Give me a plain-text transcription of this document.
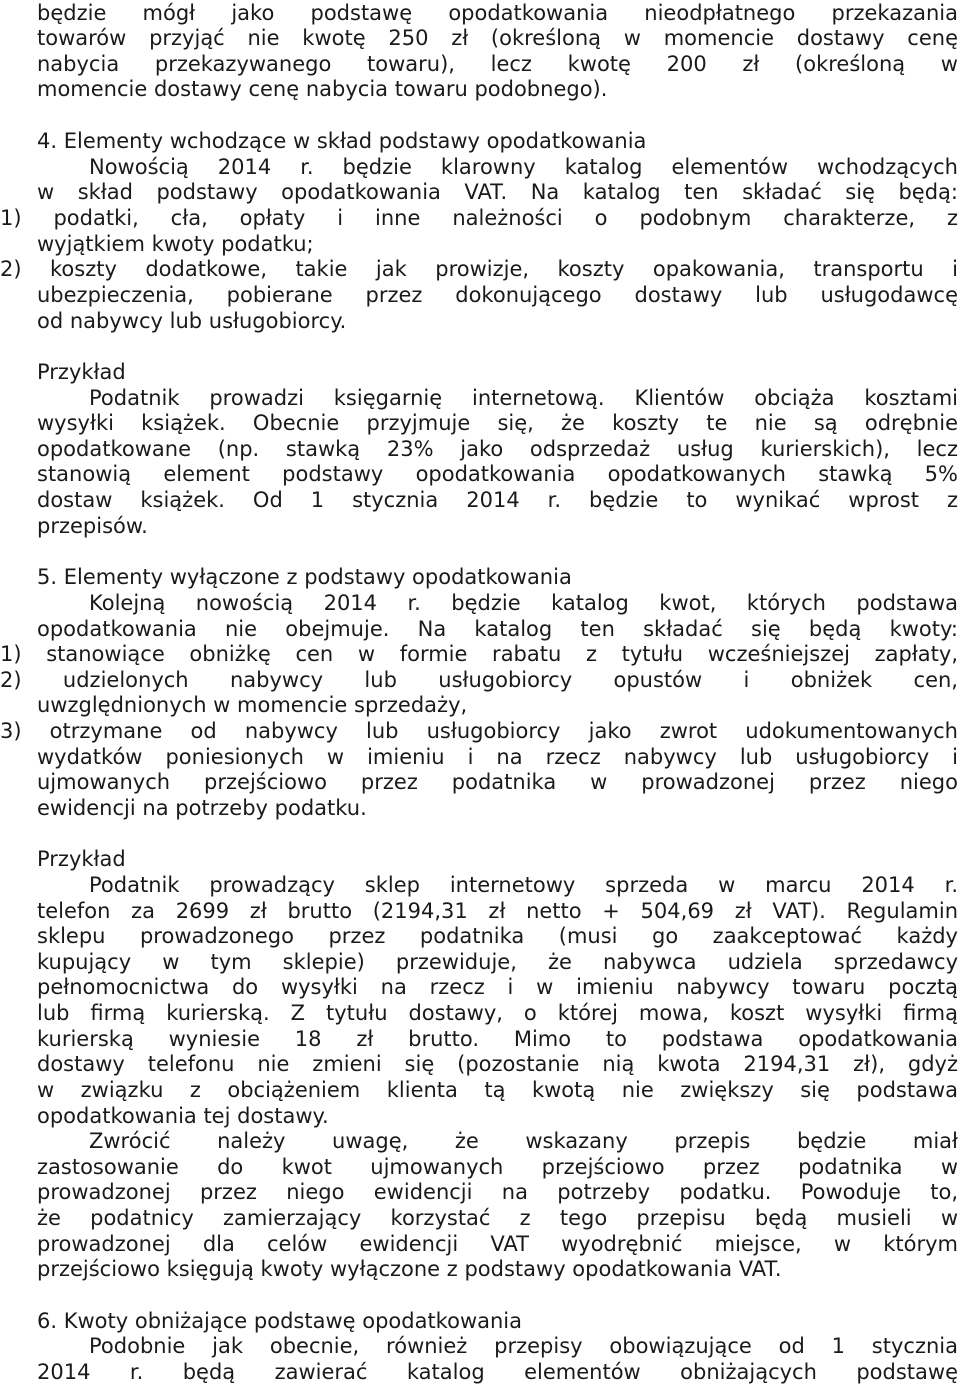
będzie mógł jako podstawę opodatkowania nieodpłatnego przekazania
towarów przyjąć nie kwotę 250 zł (określoną w momencie dostawy cenę
nabycia przekazywanego towaru), lecz kwotę 200 zł (określoną w
momencie dostawy cenę nabycia towaru podobnego).
4. Elementy wchodzące w skład podstawy opodatkowania
Nowością 2014 r. będzie klarowny katalog elementów wchodzących
w skład podstawy opodatkowania VAT. Na katalog ten składać się będą:
1) podatki, cła, opłaty i inne należności o podobnym charakterze, z
wyjątkiem kwoty podatku;
2) koszty dodatkowe, takie jak prowizje, koszty opakowania, transportu i
ubezpieczenia, pobierane przez dokonującego dostawy lub usługodawcę
od nabywcy lub usługobiorcy.
Przykład
Podatnik prowadzi księgarnię internetową. Klientów obciąża kosztami
wysyłki książek. Obecnie przyjmuje się, że koszty te nie są odrębnie
opodatkowane (np. stawką 23% jako odsprzedaż usług kurierskich), lecz
stanowią element podstawy opodatkowania opodatkowanych stawką 5%
dostaw książek. Od 1 stycznia 2014 r. będzie to wynikać wprost z
przepisów.
5. Elementy wyłączone z podstawy opodatkowania
Kolejną nowością 2014 r. będzie katalog kwot, których podstawa
opodatkowania nie obejmuje. Na katalog ten składać się będą kwoty:
1) stanowiące obniżkę cen w formie rabatu z tytułu wcześniejszej zapłaty,
2) udzielonych nabywcy lub usługobiorcy opustów i obniżek cen,
uwzględnionych w momencie sprzedaży,
3) otrzymane od nabywcy lub usługobiorcy jako zwrot udokumentowanych
wydatków poniesionych w imieniu i na rzecz nabywcy lub usługobiorcy i
ujmowanych przejściowo przez podatnika w prowadzonej przez niego
ewidencji na potrzeby podatku.
Przykład
Podatnik prowadzący sklep internetowy sprzeda w marcu 2014 r.
telefon za 2699 zł brutto (2194,31 zł netto + 504,69 zł VAT). Regulamin
sklepu prowadzonego przez podatnika (musi go zaakceptować każdy
kupujący w tym sklepie) przewiduje, że nabywca udziela sprzedawcy
pełnomocnictwa do wysyłki na rzecz i w imieniu nabywcy towaru pocztą
lub firmą kurierską. Z tytułu dostawy, o której mowa, koszt wysyłki firmą
kurierską wyniesie 18 zł brutto. Mimo to podstawa opodatkowania
dostawy telefonu nie zmieni się (pozostanie nią kwota 2194,31 zł), gdyż
w związku z obciążeniem klienta tą kwotą nie zwiększy się podstawa
opodatkowania tej dostawy.
Zwrócić należy uwagę, że wskazany przepis będzie miał
zastosowanie do kwot ujmowanych przejściowo przez podatnika w
prowadzonej przez niego ewidencji na potrzeby podatku. Powoduje to,
że podatnicy zamierzający korzystać z tego przepisu będą musieli w
prowadzonej dla celów ewidencji VAT wyodrębnić miejsce, w którym
przejściowo księgują kwoty wyłączone z podstawy opodatkowania VAT.
6. Kwoty obniżające podstawę opodatkowania
Podobnie jak obecnie, również przepisy obowiązujące od 1 stycznia
2014 r. będą zawierać katalog elementów obniżających podstawę
